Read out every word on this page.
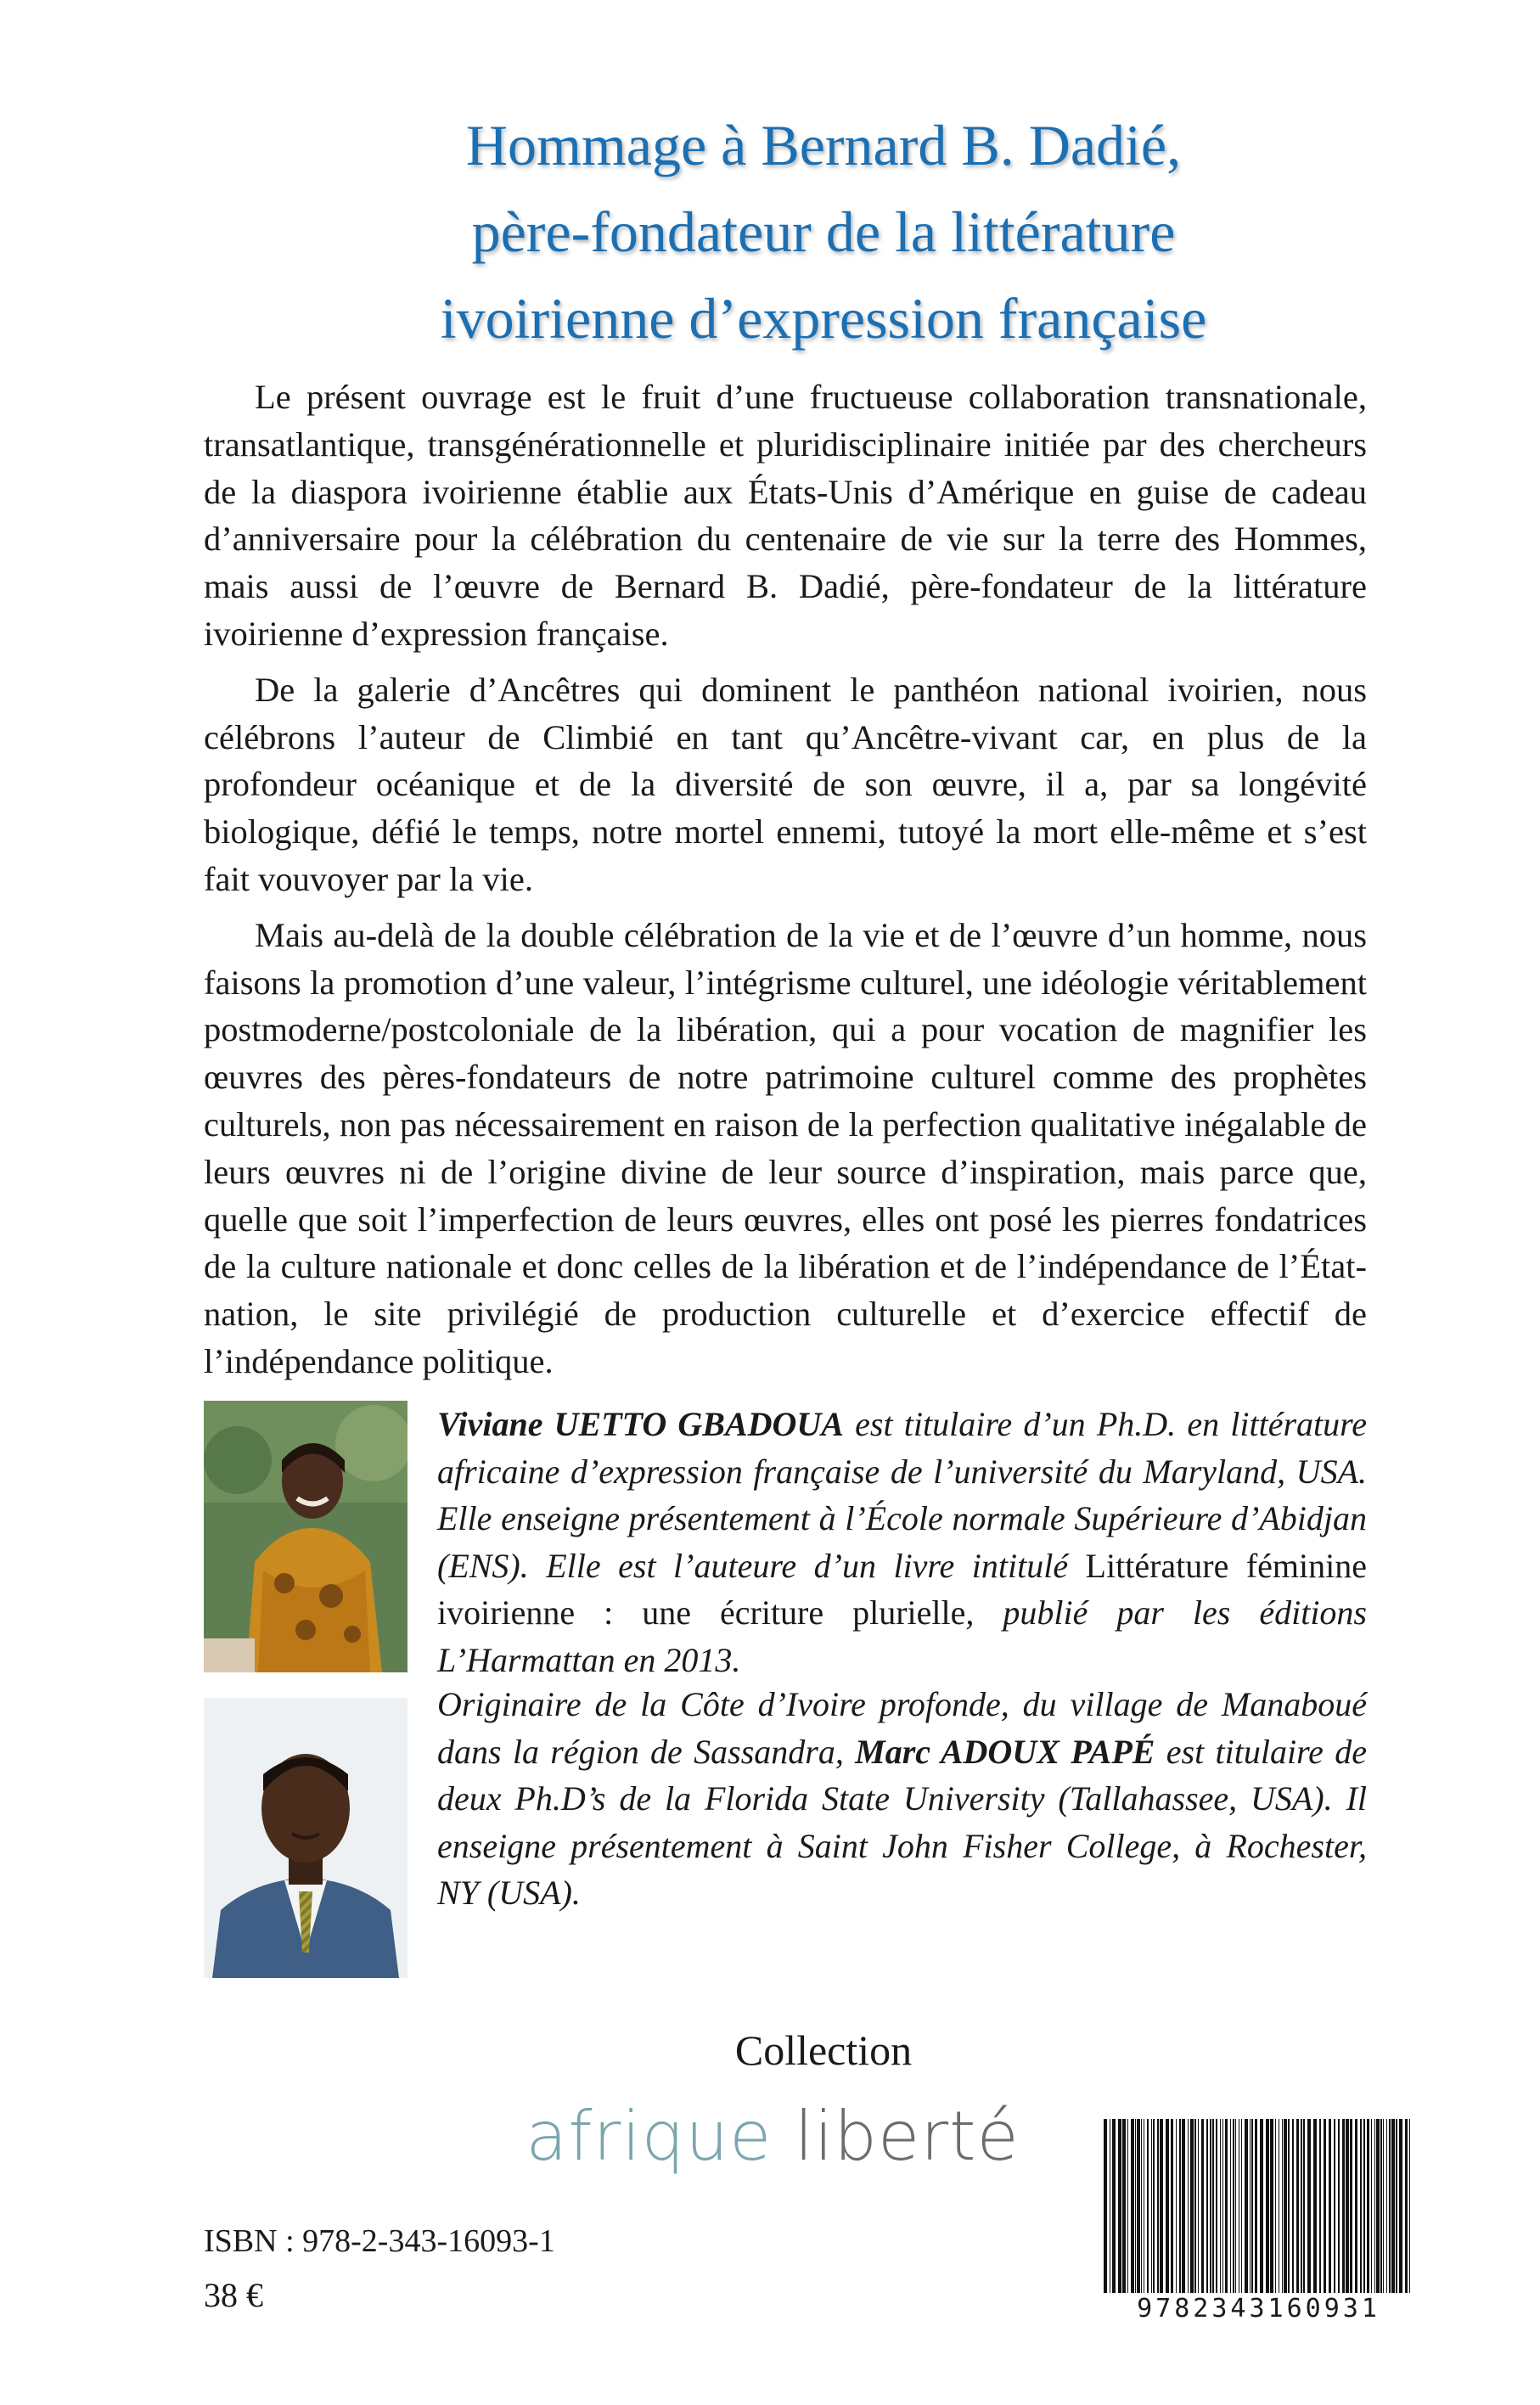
Hommage à Bernard B. Dadié,
père-fondateur de la littérature
ivoirienne d’expression française

Le présent ouvrage est le fruit d’une fructueuse collaboration transnationale, transatlantique, transgénérationnelle et pluridisciplinaire initiée par des chercheurs de la diaspora ivoirienne établie aux États-Unis d’Amérique en guise de cadeau d’anniversaire pour la célébration du centenaire de vie sur la terre des Hommes, mais aussi de l’œuvre de Bernard B. Dadié, père-fondateur de la littérature ivoirienne d’expression française.

De la galerie d’Ancêtres qui dominent le panthéon national ivoirien, nous célébrons l’auteur de Climbié en tant qu’Ancêtre-vivant car, en plus de la profondeur océanique et de la diversité de son œuvre, il a, par sa longévité biologique, défié le temps, notre mortel ennemi, tutoyé la mort elle-même et s’est fait vouvoyer par la vie.

Mais au-delà de la double célébration de la vie et de l’œuvre d’un homme, nous faisons la promotion d’une valeur, l’intégrisme culturel, une idéologie véritablement postmoderne/postcoloniale de la libération, qui a pour vocation de magnifier les œuvres des pères-fondateurs de notre patrimoine culturel comme des prophètes culturels, non pas nécessairement en raison de la perfection qualitative inégalable de leurs œuvres ni de l’origine divine de leur source d’inspiration, mais parce que, quelle que soit l’imperfection de leurs œuvres, elles ont posé les pierres fondatrices de la culture nationale et donc celles de la libération et de l’indépendance de l’État-nation, le site privilégié de production culturelle et d’exercice effectif de l’indépendance politique.

Viviane UETTO GBADOUA est titulaire d’un Ph.D. en littérature africaine d’expression française de l’université du Maryland, USA. Elle enseigne présentement à l’École normale Supérieure d’Abidjan (ENS). Elle est l’auteure d’un livre intitulé Littérature féminine ivoirienne : une écriture plurielle, publié par les éditions L’Harmattan en 2013.
Originaire de la Côte d’Ivoire profonde, du village de Manaboué dans la région de Sassandra, Marc ADOUX PAPÉ est titulaire de deux Ph.D’s de la Florida State University (Tallahassee, USA). Il enseigne présentement à Saint John Fisher College, à Rochester, NY (USA).
Collection
afrique liberté
ISBN : 978-2-343-16093-1
38 €	9782343160931
